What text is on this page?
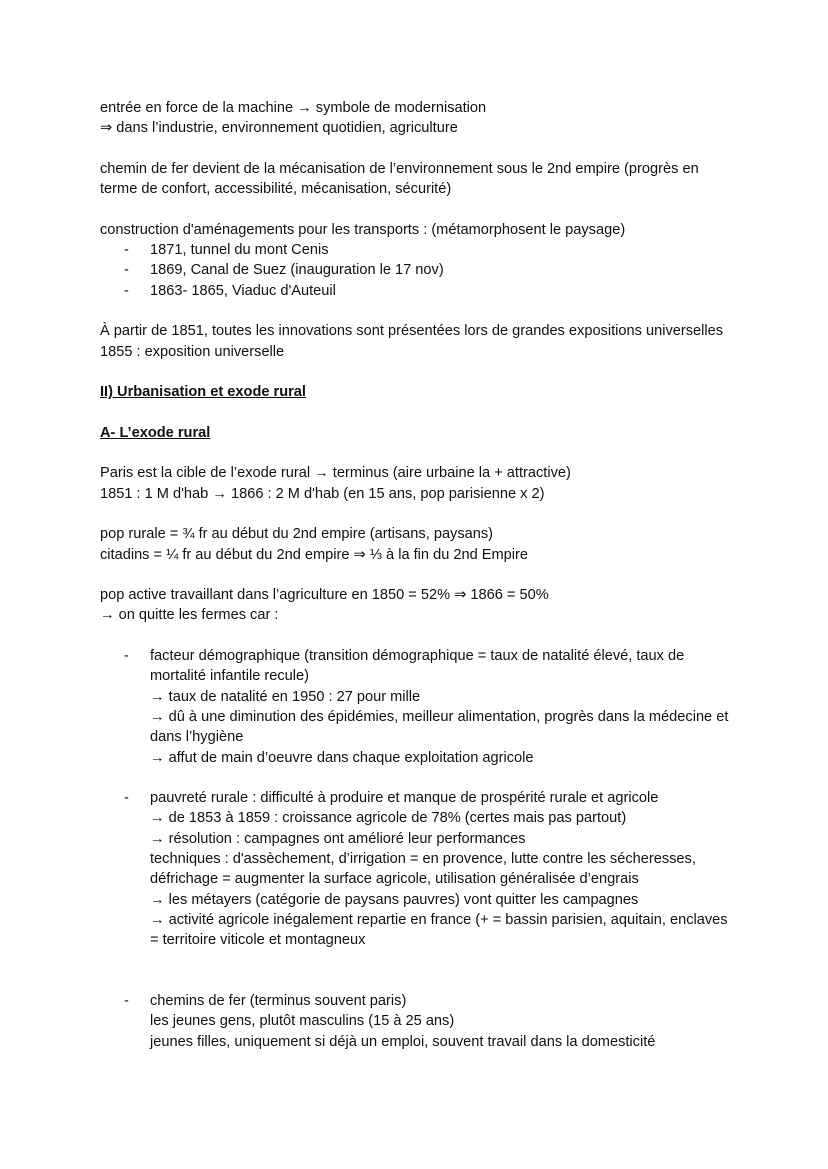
entrée en force de la machine → symbole de modernisation

⇒ dans l’industrie, environnement quotidien, agriculture

chemin de fer devient de la mécanisation de l’environnement sous le 2nd empire (progrès en terme de confort, accessibilité, mécanisation, sécurité)

construction d'aménagements pour les transports : (métamorphosent le paysage)

- 1871, tunnel du mont Cenis
- 1869, Canal de Suez (inauguration le 17 nov)
- 1863- 1865, Viaduc d'Auteuil

À partir de 1851, toutes les innovations sont présentées lors de grandes expositions universelles

1855 : exposition universelle

II) Urbanisation et exode rural

A- L’exode rural

Paris est la cible de l’exode rural → terminus (aire urbaine la + attractive)

1851 : 1 M d'hab → 1866 : 2 M d'hab (en 15 ans, pop parisienne x 2)

pop rurale = ¾ fr au début du 2nd empire (artisans, paysans)

citadins = ¼ fr au début du 2nd empire ⇒ ⅓ à la fin du 2nd Empire

pop active travaillant dans l’agriculture en 1850 = 52% ⇒ 1866 = 50%

→ on quitte les fermes car :

- facteur démographique (transition démographique = taux de natalité élevé, taux de mortalité infantile recule)
→ taux de natalité en 1950 : 27 pour mille
→ dû à une diminution des épidémies, meilleur alimentation, progrès dans la médecine et dans l’hygiène
→ affut de main d’oeuvre dans chaque exploitation agricole
- pauvreté rurale : difficulté à produire et manque de prospérité rurale et agricole
→ de 1853 à 1859 : croissance agricole de 78% (certes mais pas partout)
→ résolution : campagnes ont amélioré leur performances
techniques : d'assèchement, d’irrigation = en provence, lutte contre les sécheresses, défrichage = augmenter la surface agricole, utilisation généralisée d’engrais
→ les métayers (catégorie de paysans pauvres) vont quitter les campagnes
→ activité agricole inégalement repartie en france (+ = bassin parisien, aquitain, enclaves = territoire viticole et montagneux
- chemins de fer (terminus souvent paris)
les jeunes gens, plutôt masculins (15 à 25 ans)
jeunes filles, uniquement si déjà un emploi, souvent travail dans la domesticité
